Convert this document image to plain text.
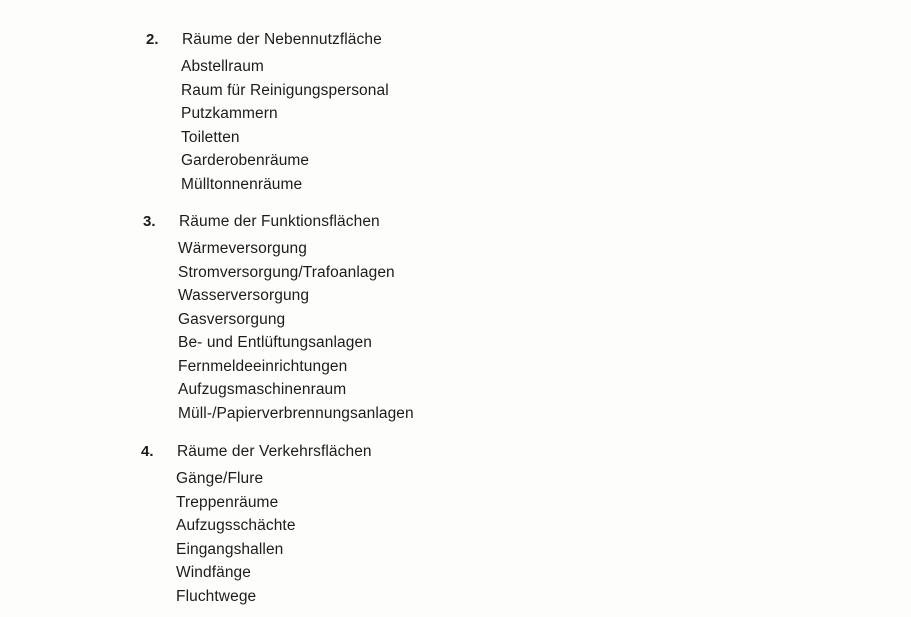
2. Räume der Nebennutzfläche
Abstellraum
Raum für Reinigungspersonal
Putzkammern
Toiletten
Garderobenräume
Mülltonnenräume
3. Räume der Funktionsflächen
Wärmeversorgung
Stromversorgung/Trafoanlagen
Wasserversorgung
Gasversorgung
Be- und Entlüftungsanlagen
Fernmeldeeinrichtungen
Aufzugsmaschinenraum
Müll-/Papierverbrennungsanlagen
4. Räume der Verkehrsflächen
Gänge/Flure
Treppenräume
Aufzugsschächte
Eingangshallen
Windfänge
Fluchtwege
